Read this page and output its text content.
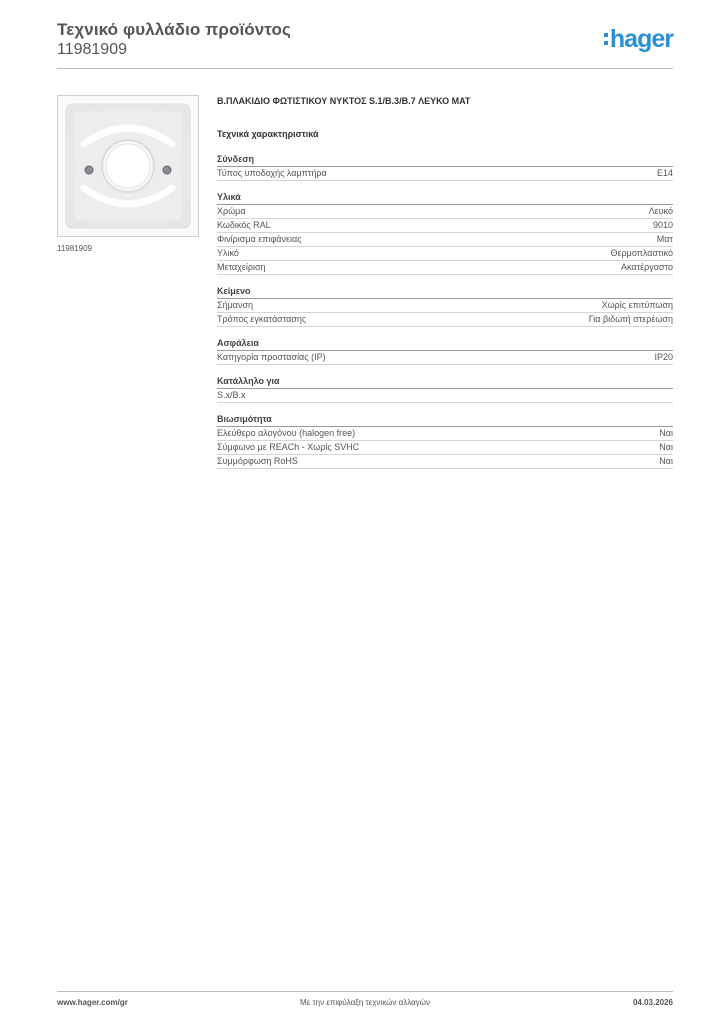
Τεχνικό φυλλάδιο προϊόντος
11981909	hager
11981909
Β.ΠΛΑΚΙΔΙΟ ΦΩΤΙΣΤΙΚΟΥ ΝΥΚΤΟΣ S.1/B.3/B.7 ΛΕΥΚΟ ΜΑΤ
Τεχνικά χαρακτηριστικά
Σύνδεση
Τύπος υποδοχής λαμπτήρα	E14
Υλικά
Χρώμα	Λευκό
Κωδικός RAL	9010
Φινίρισμα επιφάνειας	Ματ
Υλικό	Θερμοπλαστικό
Μεταχείριση	Ακατέργαστο
Κείμενο
Σήμανση	Χωρίς επιτύπωση
Τρόπος εγκατάστασης	Για βιδωτή στερέωση
Ασφάλεια
Κατηγορία προστασίας (IP)	IP20
Κατάλληλο για
S.x/B.x
Βιωσιμότητα
Ελεύθερο αλογόνου (halogen free)	Ναι
Σύμφωνο με REACh - Χωρίς SVHC	Ναι
Συμμόρφωση RoHS	Ναι
www.hager.com/gr	Με την επιφύλαξη τεχνικών αλλαγών	04.03.2026
